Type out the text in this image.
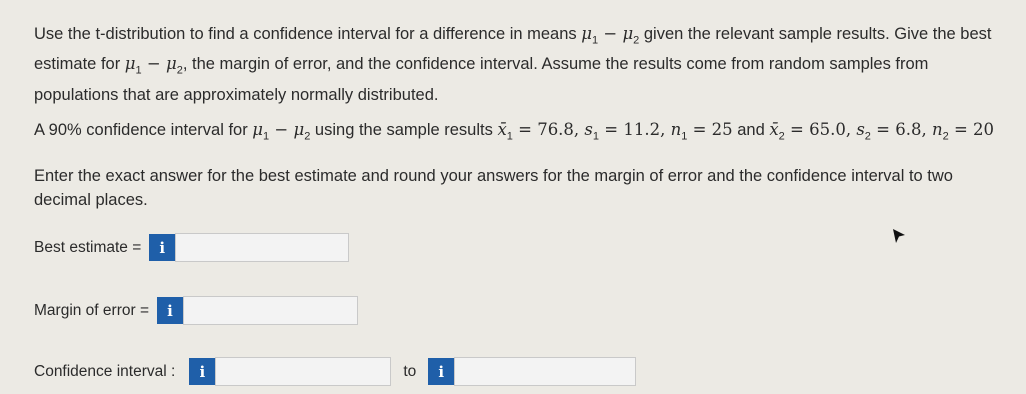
Use the t-distribution to find a confidence interval for a difference in means $\mu_1 - \mu_2$ given the relevant sample results. Give the best
estimate for $\mu_1 - \mu_2$, the margin of error, and the confidence interval. Assume the results come from random samples from
populations that are approximately normally distributed.
A 90% confidence interval for $\mu_1 - \mu_2$ using the sample results $x̄_1 = 76.8$, $s_1 = 11.2$, $n_1 = 25$ and $x̄_2 = 65.0$, $s_2 = 6.8$, $n_2 = 20$
Enter the exact answer for the best estimate and round your answers for the margin of error and the confidence interval to two
decimal places.
Best estimate =	i
Margin of error =	i
Confidence interval :	i	to	i
